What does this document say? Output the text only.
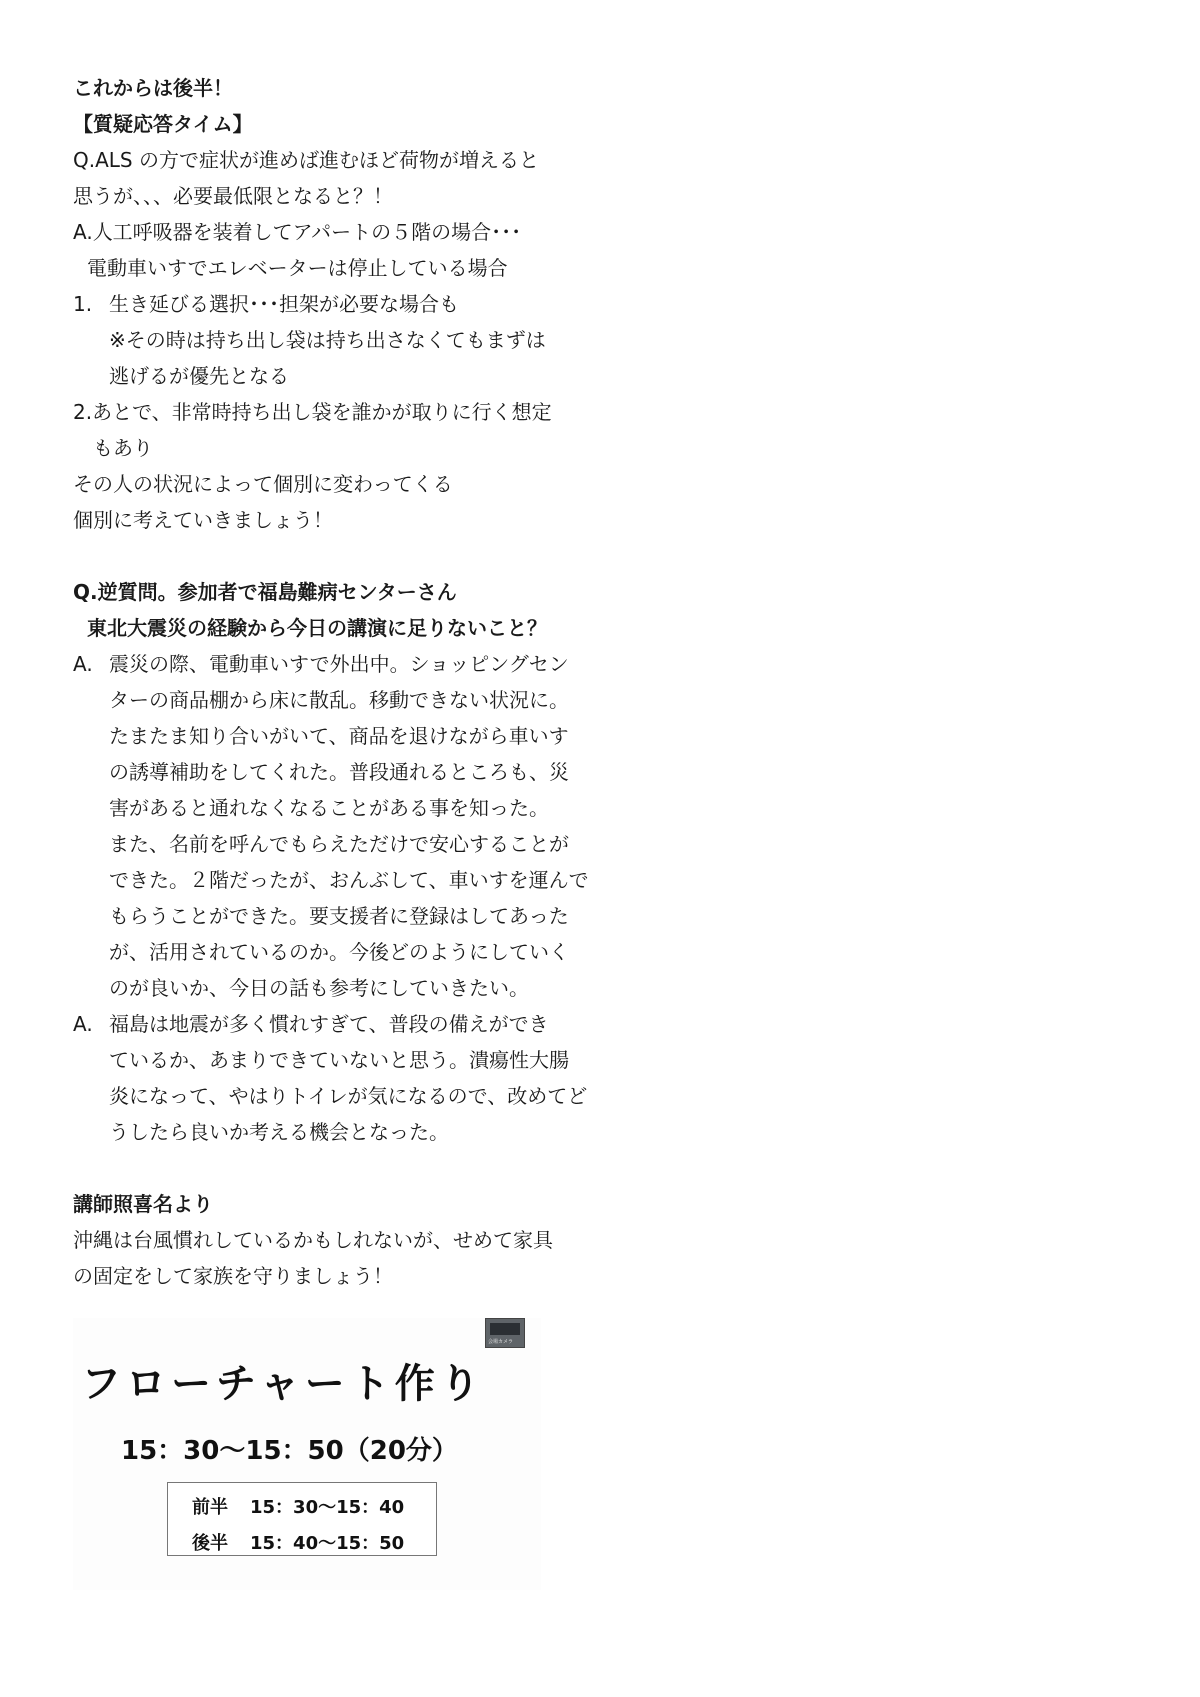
これからは後半！
【質疑応答タイム】
Q.ALS の方で症状が進めば進むほど荷物が増えると
思うが、、、必要最低限となると？！
A.人工呼吸器を装着してアパートの５階の場合･･･
電動車いすでエレベーターは停止している場合
1. 生き延びる選択･･･担架が必要な場合も
※その時は持ち出し袋は持ち出さなくてもまずは
逃げるが優先となる
2.あとで、非常時持ち出し袋を誰かが取りに行く想定
もあり
その人の状況によって個別に変わってくる
個別に考えていきましょう！
Q.逆質問。参加者で福島難病センターさん
東北大震災の経験から今日の講演に足りないこと？
A. 震災の際、電動車いすで外出中。ショッピングセン
ターの商品棚から床に散乱。移動できない状況に。
たまたま知り合いがいて、商品を退けながら車いす
の誘導補助をしてくれた。普段通れるところも、災
害があると通れなくなることがある事を知った。
また、名前を呼んでもらえただけで安心することが
できた。２階だったが、おんぶして、車いすを運んで
もらうことができた。要支援者に登録はしてあった
が、活用されているのか。今後どのようにしていく
のが良いか、今日の話も参考にしていきたい。
A. 福島は地震が多く慣れすぎて、普段の備えができ
ているか、あまりできていないと思う。潰瘍性大腸
炎になって、やはりトイレが気になるので、改めてど
うしたら良いか考える機会となった。
講師照喜名より
沖縄は台風慣れしているかもしれないが、せめて家具
の固定をして家族を守りましょう！
会場カメラ
フローチャート作り
15：30〜15：50（20分）
前半 15：30〜15：40
後半 15：40〜15：50
